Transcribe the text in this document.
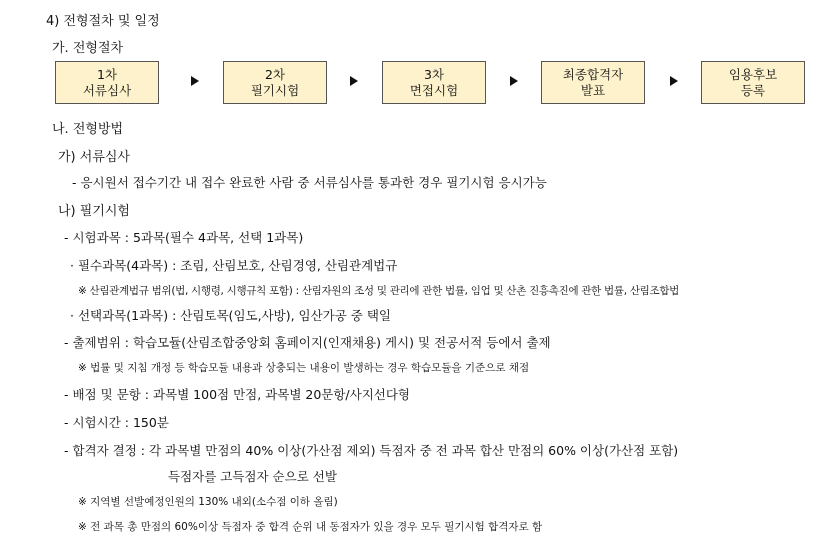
4) 전형절차 및 일정
가. 전형절차
1차
서류심사
2차
필기시험
3차
면접시험
최종합격자
발표
임용후보
등록
나. 전형방법
가) 서류심사
- 응시원서 접수기간 내 접수 완료한 사람 중 서류심사를 통과한 경우 필기시험 응시가능
나) 필기시험
- 시험과목 : 5과목(필수 4과목, 선택 1과목)
· 필수과목(4과목) : 조림, 산림보호, 산림경영, 산림관계법규
※ 산림관계법규 범위(법, 시행령, 시행규칙 포함) : 산림자원의 조성 및 관리에 관한 법률, 임업 및 산촌 진흥촉진에 관한 법률, 산림조합법
· 선택과목(1과목) : 산림토목(임도,사방), 임산가공 중 택일
- 출제범위 : 학습모듈(산림조합중앙회 홈페이지(인재채용) 게시) 및 전공서적 등에서 출제
※ 법률 및 지침 개정 등 학습모듈 내용과 상충되는 내용이 발생하는 경우 학습모듈을 기준으로 채점
- 배점 및 문항 : 과목별 100점 만점, 과목별 20문항/사지선다형
- 시험시간 : 150분
- 합격자 결정 : 각 과목별 만점의 40% 이상(가산점 제외) 득점자 중 전 과목 합산 만점의 60% 이상(가산점 포함)
득점자를 고득점자 순으로 선발
※ 지역별 선발예정인원의 130% 내외(소수점 이하 올림)
※ 전 과목 총 만점의 60%이상 득점자 중 합격 순위 내 동점자가 있을 경우 모두 필기시험 합격자로 함
